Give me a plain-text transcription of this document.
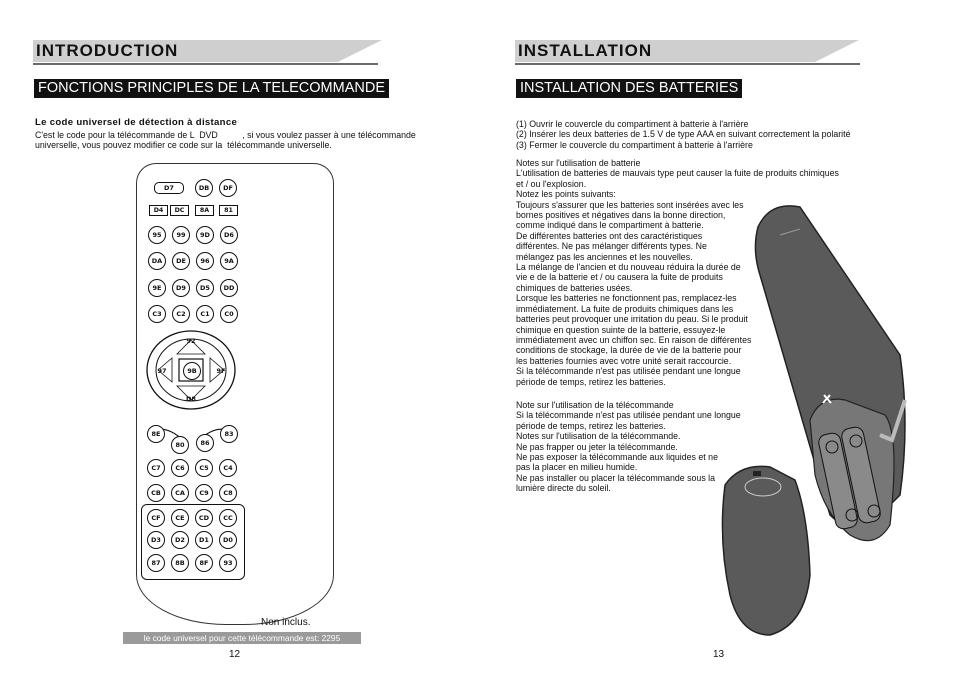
INTRODUCTION
FONCTIONS PRINCIPLES DE LA TELECOMMANDE
Le code universel de détection à distance
C'est le code pour la télécommande de L  DVD          , si vous voulez passer à une télécommande
universelle, vous pouvez modifier ce code sur la  télécommande universelle.
D7	DB	DF
D4	DC	8A	81
95	99	9D	D6
DA	DE	96	9A
9E	D9	D5	DD
C3	C2	C1	C0
92
97	9B	9F
D8
8E
80	86
83
C7	C6	C5	C4
CB	CA	C9	C8
CF	CE	CD	CC
D3	D2	D1	D0
87	8B	8F	93
Non inclus.
le code universel pour cette télécommande est: 2295
12
INSTALLATION
INSTALLATION DES BATTERIES
(1) Ouvrir le couvercle du compartiment à batterie à l'arrière
(2) Insérer les deux batteries de 1.5 V de type AAA en suivant correctement la polarité
(3) Fermer le couvercle du compartiment à batterie à l'arrière
Notes sur l'utilisation de batterie
L'utilisation de batteries de mauvais type peut causer la fuite de produits chimiques
et / ou l'explosion.
Notez les points suivants:
Toujours s'assurer que les batteries sont insérées avec les
bornes positives et négatives dans la bonne direction,
comme indiqué dans le compartiment à batterie.
De différentes batteries ont des caractéristiques
différentes. Ne pas mélanger différents types. Ne
mélangez pas les anciennes et les nouvelles.
La mélange de l'ancien et du nouveau réduira la durée de
vie e de la batterie et / ou causera la fuite de produits
chimiques de batteries usées.
Lorsque les batteries ne fonctionnent pas, remplacez-les
immédiatement. La fuite de produits chimiques dans les
batteries peut provoquer une irritation du peau. Si le produit
chimique en question suinte de la batterie, essuyez-le
immédiatement avec un chiffon sec. En raison de différentes
conditions de stockage, la durée de vie de la batterie pour
les batteries fournies avec votre unité serait raccourcie.
Si la télécommande n'est pas utilisée pendant une longue
période de temps, retirez les batteries.
Note sur l'utilisation de la télécommande
Si la télécommande n'est pas utilisée pendant une longue
période de temps, retirez les batteries.
Notes sur l'utilisation de la télécommande.
Ne pas frapper ou jeter la télécommande.
Ne pas exposer la télécommande aux liquides et ne
pas la placer en milieu humide.
Ne pas installer ou placer la télécommande sous la
lumière directe du soleil.
13
